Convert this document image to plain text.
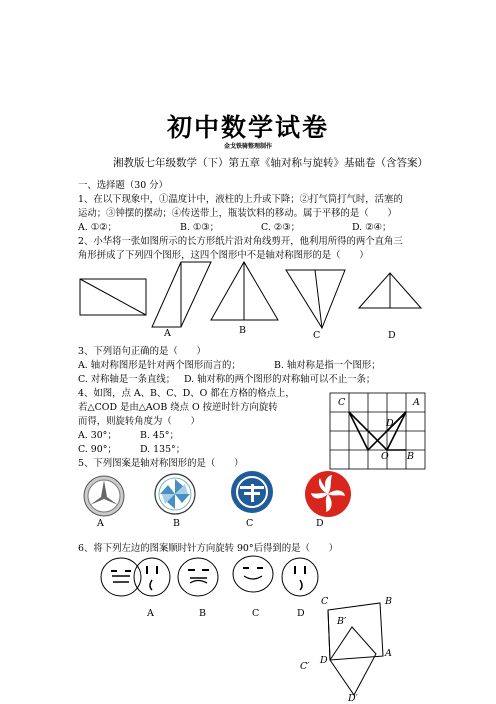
初中数学试卷
金戈铁骑整理制作
湘教版七年级数学（下）第五章《轴对称与旋转》基础卷（含答案）
一、选择题（30 分）
1、在以下现象中，①温度计中，液柱的上升或下降；②打气筒打气时，活塞的
运动；③钟摆的摆动；④传送带上，瓶装饮料的移动。属于平移的是（　　）
A. ①②；	B. ①③；	C. ②③；	D. ②④；
2、小华将一张如图所示的长方形纸片沿对角线剪开，他利用所得的两个直角三
角形拼成了下列四个图形，这四个图形中不是轴对称图形的是（　　）
A	B	C	D
3、下列语句正确的是（　　）
A. 轴对称图形是针对两个图形而言的；	B. 轴对称是指一个图形；
C. 对称轴是一条直线； D. 轴对称的两个图形的对称轴可以不止一条；
4、如图，点 A、B、C、D、O 都在方格的格点上，
若△COD 是由△AOB 绕点 O 按逆时针方向旋转
而得，则旋转角度为（　　）
A. 30°； B. 45°；
C. 90°； D. 135°；
C	A
D
O B
5、下列图案是轴对称图形的是（　　）
A	B	C	D
6、将下列左边的图案顺时针方向旋转 90°后得到的是（　　）
A	B	C	D
C	B
B′
C′
D
A
D′
